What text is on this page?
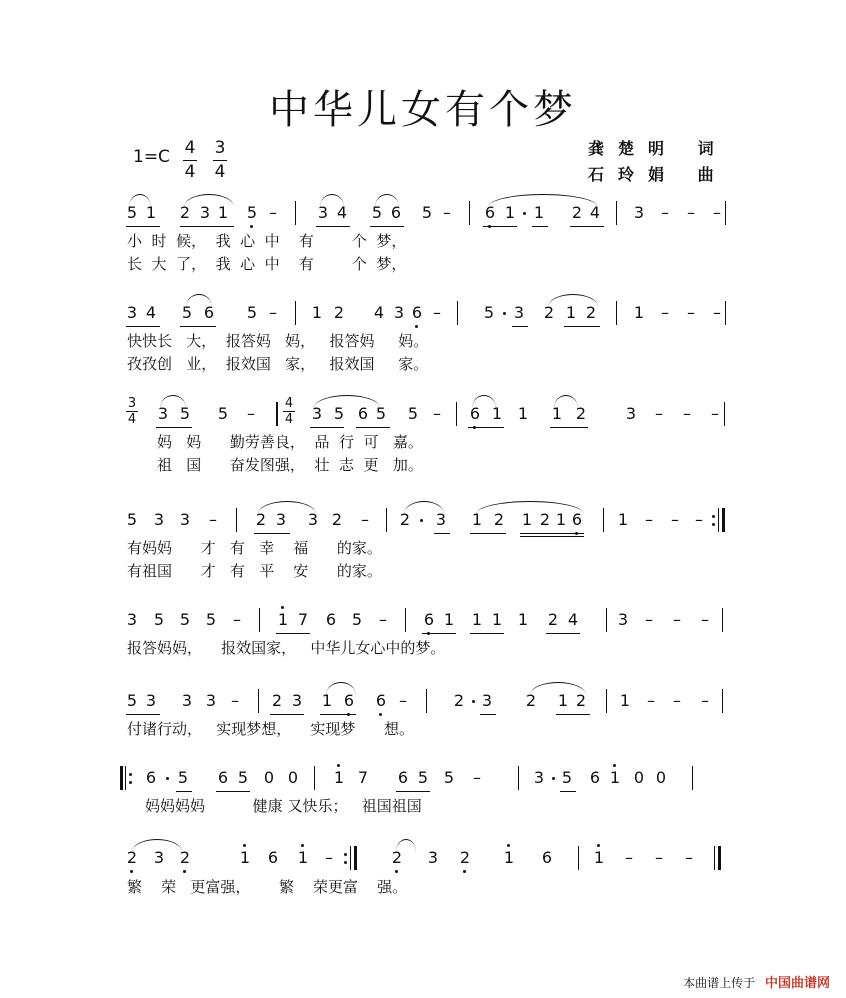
中华儿女有个梦
1=C 4
4
3
4
龚楚明 词
石玲娟 曲
5 1 2 3 1 5 –	3 4 5 6 5 – 6 1 1 2 4 3 – – –
小  时  候，  我  心  中    有        个  梦，
长  大  了，  我  心  中    有        个  梦，
3 4 5 6 5 – 1 2 4 3 6 –	5 3 2 1 2 1 – – –
快快长   大，  报答妈   妈，   报答妈     妈。
孜孜创   业，  报效国   家，   报效国     家。
3
4 3 5 5 –	3 5 6 5 5 – 6 1 1 1 2 3 – – –
4
4
妈   妈      勤劳善良，  品  行  可   嘉。
祖   国      奋发图强，  壮  志  更   加。
5 3 3 – 2 3 3 2 – 2 3 1 2 1 2 1 6 1 – – –
有妈妈      才   有   幸    福      的家。
有祖国      才   有   平    安      的家。
3 5 5 5 – 1 7 6 5 – 6 1 1 1 1 2 4 3 – – –
报答妈妈，    报效国家，   中华儿女心中的梦。
5 3 3 3 – 2 3 1 6 6 –	2 3 2 1 2 1 – – –
付诸行动，   实现梦想，    实现梦      想。
6 5 6 5 0 0 1 7 6 5 5 –	3 5 6 1 0 0
妈妈妈妈          健康 又快乐；   祖国祖国
2 3 2	1 6 1 –	2 3 2 1 6	1 – – –
繁    荣   更富强，      繁    荣更富    强。
本曲谱上传于 中国曲谱网
